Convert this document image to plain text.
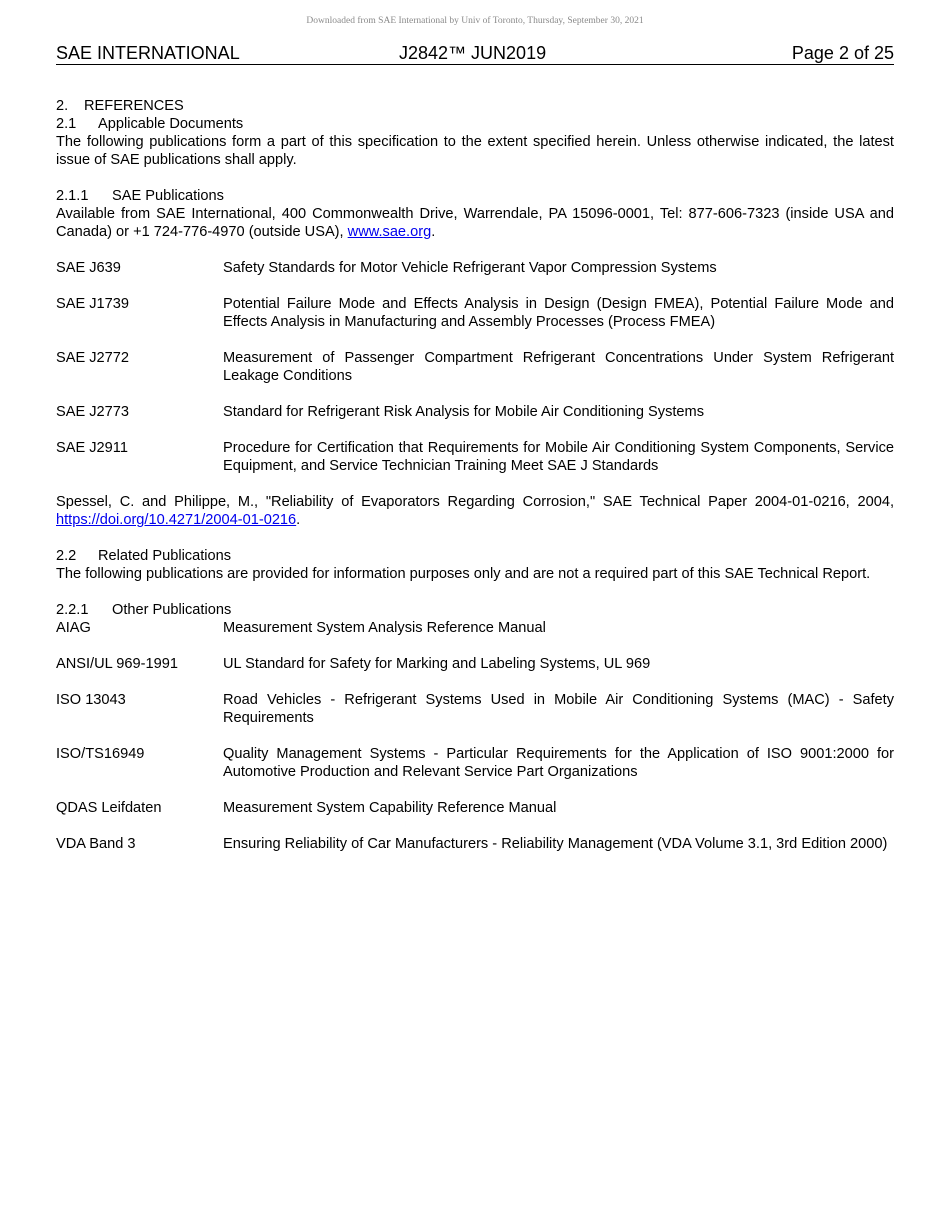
Downloaded from SAE International by Univ of Toronto, Thursday, September 30, 2021
SAE INTERNATIONAL	J2842™ JUN2019	Page 2 of 25

2. REFERENCES

2.1 Applicable Documents

The following publications form a part of this specification to the extent specified herein. Unless otherwise indicated, the latest issue of SAE publications shall apply.

2.1.1 SAE Publications

Available from SAE International, 400 Commonwealth Drive, Warrendale, PA 15096-0001, Tel: 877-606-7323 (inside USA and Canada) or +1 724-776-4970 (outside USA), www.sae.org.

SAE J639	Safety Standards for Motor Vehicle Refrigerant Vapor Compression Systems
SAE J1739	Potential Failure Mode and Effects Analysis in Design (Design FMEA), Potential Failure Mode and Effects Analysis in Manufacturing and Assembly Processes (Process FMEA)
SAE J2772	Measurement of Passenger Compartment Refrigerant Concentrations Under System Refrigerant Leakage Conditions
SAE J2773	Standard for Refrigerant Risk Analysis for Mobile Air Conditioning Systems
SAE J2911	Procedure for Certification that Requirements for Mobile Air Conditioning System Components, Service Equipment, and Service Technician Training Meet SAE J Standards

Spessel, C. and Philippe, M., "Reliability of Evaporators Regarding Corrosion," SAE Technical Paper 2004-01-0216, 2004, https://doi.org/10.4271/2004-01-0216.

2.2 Related Publications

The following publications are provided for information purposes only and are not a required part of this SAE Technical Report.

2.2.1 Other Publications

AIAG	Measurement System Analysis Reference Manual
ANSI/UL 969-1991	UL Standard for Safety for Marking and Labeling Systems, UL 969
ISO 13043	Road Vehicles - Refrigerant Systems Used in Mobile Air Conditioning Systems (MAC) - Safety Requirements
ISO/TS16949	Quality Management Systems - Particular Requirements for the Application of ISO 9001:2000 for Automotive Production and Relevant Service Part Organizations
QDAS Leifdaten	Measurement System Capability Reference Manual
VDA Band 3	Ensuring Reliability of Car Manufacturers - Reliability Management (VDA Volume 3.1, 3rd Edition 2000)
